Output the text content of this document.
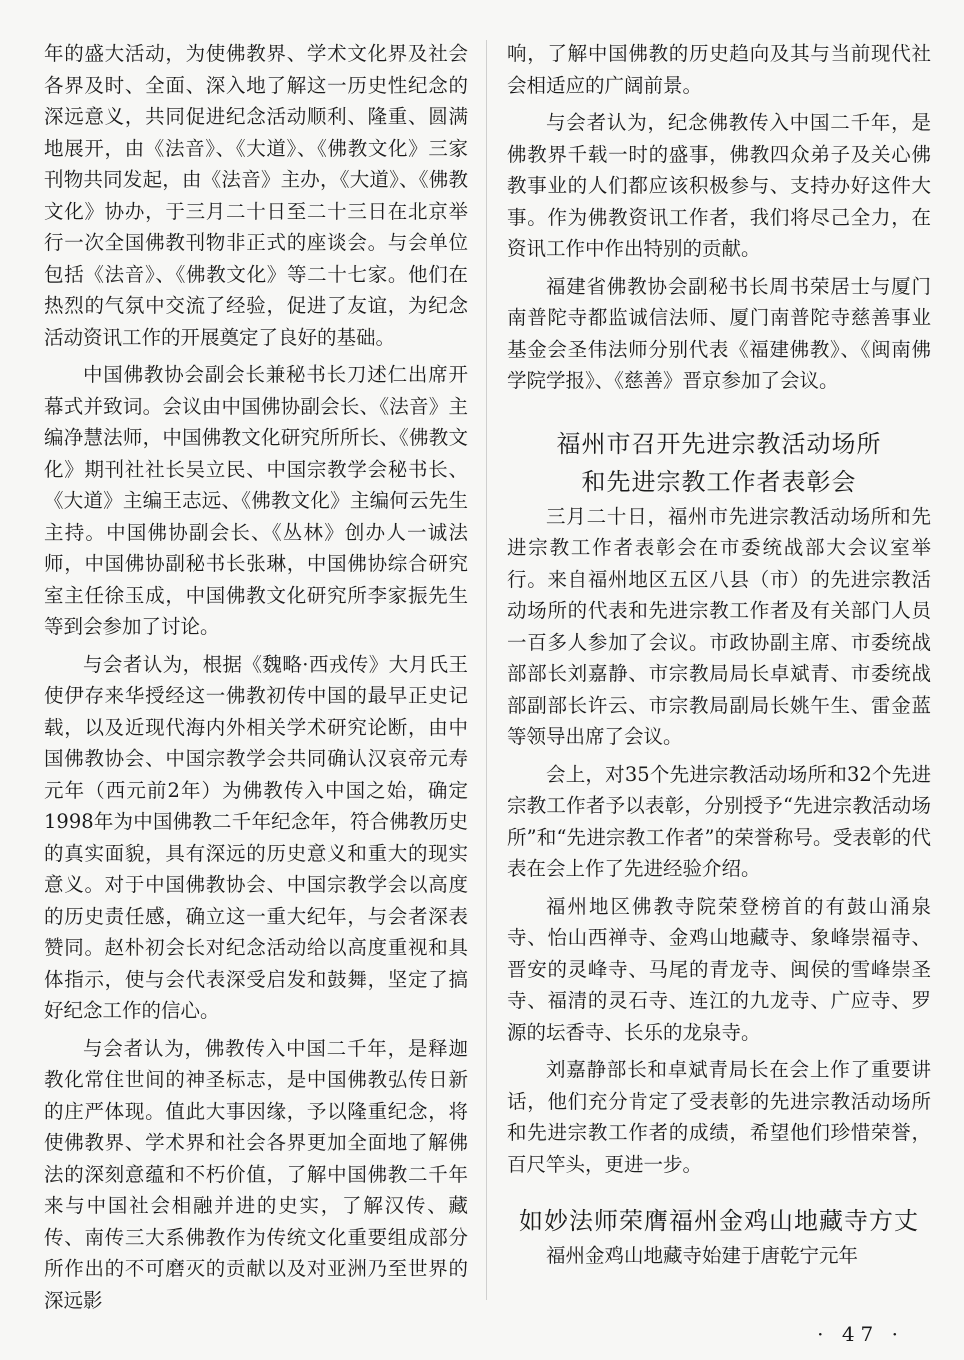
年的盛大活动，为使佛教界、学术文化界及社会各界及时、全面、深入地了解这一历史性纪念的深远意义，共同促进纪念活动顺利、隆重、圆满地展开，由《法音》、《大道》、《佛教文化》三家刊物共同发起，由《法音》主办，《大道》、《佛教文化》协办，于三月二十日至二十三日在北京举行一次全国佛教刊物非正式的座谈会。与会单位包括《法音》、《佛教文化》等二十七家。他们在热烈的气氛中交流了经验，促进了友谊，为纪念活动资讯工作的开展奠定了良好的基础。

中国佛教协会副会长兼秘书长刀述仁出席开幕式并致词。会议由中国佛协副会长、《法音》主编净慧法师，中国佛教文化研究所所长、《佛教文化》期刊社社长吴立民、中国宗教学会秘书长、《大道》主编王志远、《佛教文化》主编何云先生主持。中国佛协副会长、《丛林》创办人一诚法师，中国佛协副秘书长张琳，中国佛协综合研究室主任徐玉成，中国佛教文化研究所李家振先生等到会参加了讨论。

与会者认为，根据《魏略·西戎传》大月氏王使伊存来华授经这一佛教初传中国的最早正史记载，以及近现代海内外相关学术研究论断，由中国佛教协会、中国宗教学会共同确认汉哀帝元寿元年（西元前2年）为佛教传入中国之始，确定1998年为中国佛教二千年纪念年，符合佛教历史的真实面貌，具有深远的历史意义和重大的现实意义。对于中国佛教协会、中国宗教学会以高度的历史责任感，确立这一重大纪年，与会者深表赞同。赵朴初会长对纪念活动给以高度重视和具体指示，使与会代表深受启发和鼓舞，坚定了搞好纪念工作的信心。

与会者认为，佛教传入中国二千年，是释迦教化常住世间的神圣标志，是中国佛教弘传日新的庄严体现。值此大事因缘，予以隆重纪念，将使佛教界、学术界和社会各界更加全面地了解佛法的深刻意蕴和不朽价值，了解中国佛教二千年来与中国社会相融并进的史实，了解汉传、藏传、南传三大系佛教作为传统文化重要组成部分所作出的不可磨灭的贡献以及对亚洲乃至世界的深远影

响，了解中国佛教的历史趋向及其与当前现代社会相适应的广阔前景。

与会者认为，纪念佛教传入中国二千年，是佛教界千载一时的盛事，佛教四众弟子及关心佛教事业的人们都应该积极参与、支持办好这件大事。作为佛教资讯工作者，我们将尽己全力，在资讯工作中作出特别的贡献。

福建省佛教协会副秘书长周书荣居士与厦门南普陀寺都监诚信法师、厦门南普陀寺慈善事业基金会圣伟法师分别代表《福建佛教》、《闽南佛学院学报》、《慈善》晋京参加了会议。

福州市召开先进宗教活动场所
和先进宗教工作者表彰会

三月二十日，福州市先进宗教活动场所和先进宗教工作者表彰会在市委统战部大会议室举行。来自福州地区五区八县（市）的先进宗教活动场所的代表和先进宗教工作者及有关部门人员一百多人参加了会议。市政协副主席、市委统战部部长刘嘉静、市宗教局局长卓斌青、市委统战部副部长许云、市宗教局副局长姚午生、雷金蓝等领导出席了会议。

会上，对35个先进宗教活动场所和32个先进宗教工作者予以表彰，分别授予“先进宗教活动场所”和“先进宗教工作者”的荣誉称号。受表彰的代表在会上作了先进经验介绍。

福州地区佛教寺院荣登榜首的有鼓山涌泉寺、怡山西禅寺、金鸡山地藏寺、象峰崇福寺、晋安的灵峰寺、马尾的青龙寺、闽侯的雪峰崇圣寺、福清的灵石寺、连江的九龙寺、广应寺、罗源的坛香寺、长乐的龙泉寺。

刘嘉静部长和卓斌青局长在会上作了重要讲话，他们充分肯定了受表彰的先进宗教活动场所和先进宗教工作者的成绩，希望他们珍惜荣誉，百尺竿头，更进一步。

如妙法师荣膺福州金鸡山地藏寺方丈

福州金鸡山地藏寺始建于唐乾宁元年

· 47 ·
